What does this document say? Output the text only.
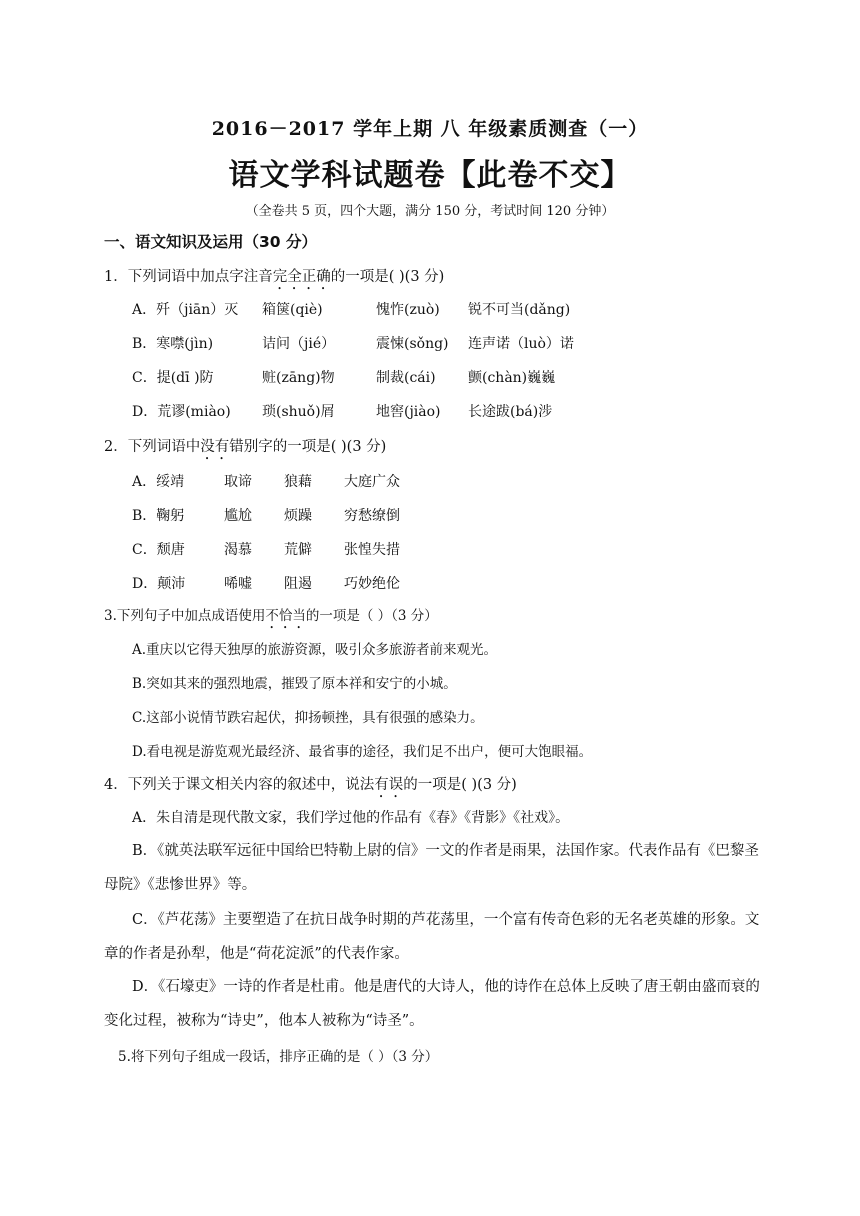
2016－2017 学年上期 八 年级素质测查（一）
语文学科试题卷【此卷不交】
（全卷共 5 页，四个大题，满分 150 分，考试时间 120 分钟）
一、语文知识及运用（30 分）
1．下列词语中加点字注音完全正确的一项是( )(3 分)
A．歼（jiān）灭 箱箧(qiè)	愧怍(zuò) 锐不可当(dǎng)
B．寒噤(jìn)	诘问（jié）	震悚(sǒng) 连声诺（luò）诺
C．提(dī )防	赃(zāng)物	制裁(cái) 颤(chàn)巍巍
D．荒谬(miào) 琐(shuǒ)屑	地窖(jiào) 长途跋(bá)涉
2．下列词语中没有错别字的一项是( )(3 分)
A．绥靖	取谛 狼藉 大庭广众
B．鞠躬	尴尬 烦躁 穷愁缭倒
C．颓唐	渴慕 荒僻 张惶失措
D．颠沛	唏嘘 阻遏 巧妙绝伦
3.下列句子中加点成语使用不恰当的一项是（ ）（3 分）
A.重庆以它得天独厚的旅游资源，吸引众多旅游者前来观光。
B.突如其来的强烈地震，摧毁了原本祥和安宁的小城。
C.这部小说情节跌宕起伏，抑扬顿挫，具有很强的感染力。
D.看电视是游览观光最经济、最省事的途径，我们足不出户，便可大饱眼福。
4．下列关于课文相关内容的叙述中，说法有误的一项是( )(3 分)
A．朱自清是现代散文家，我们学过他的作品有《春》《背影》《社戏》。
B．《就英法联军远征中国给巴特勒上尉的信》一文的作者是雨果，法国作家。代表作品有《巴黎圣母院》《悲惨世界》等。
C．《芦花荡》主要塑造了在抗日战争时期的芦花荡里，一个富有传奇色彩的无名老英雄的形象。文章的作者是孙犁，他是“荷花淀派”的代表作家。
D．《石壕吏》一诗的作者是杜甫。他是唐代的大诗人，他的诗作在总体上反映了唐王朝由盛而衰的变化过程，被称为“诗史”，他本人被称为“诗圣”。
5.将下列句子组成一段话，排序正确的是（ ）（3 分）
